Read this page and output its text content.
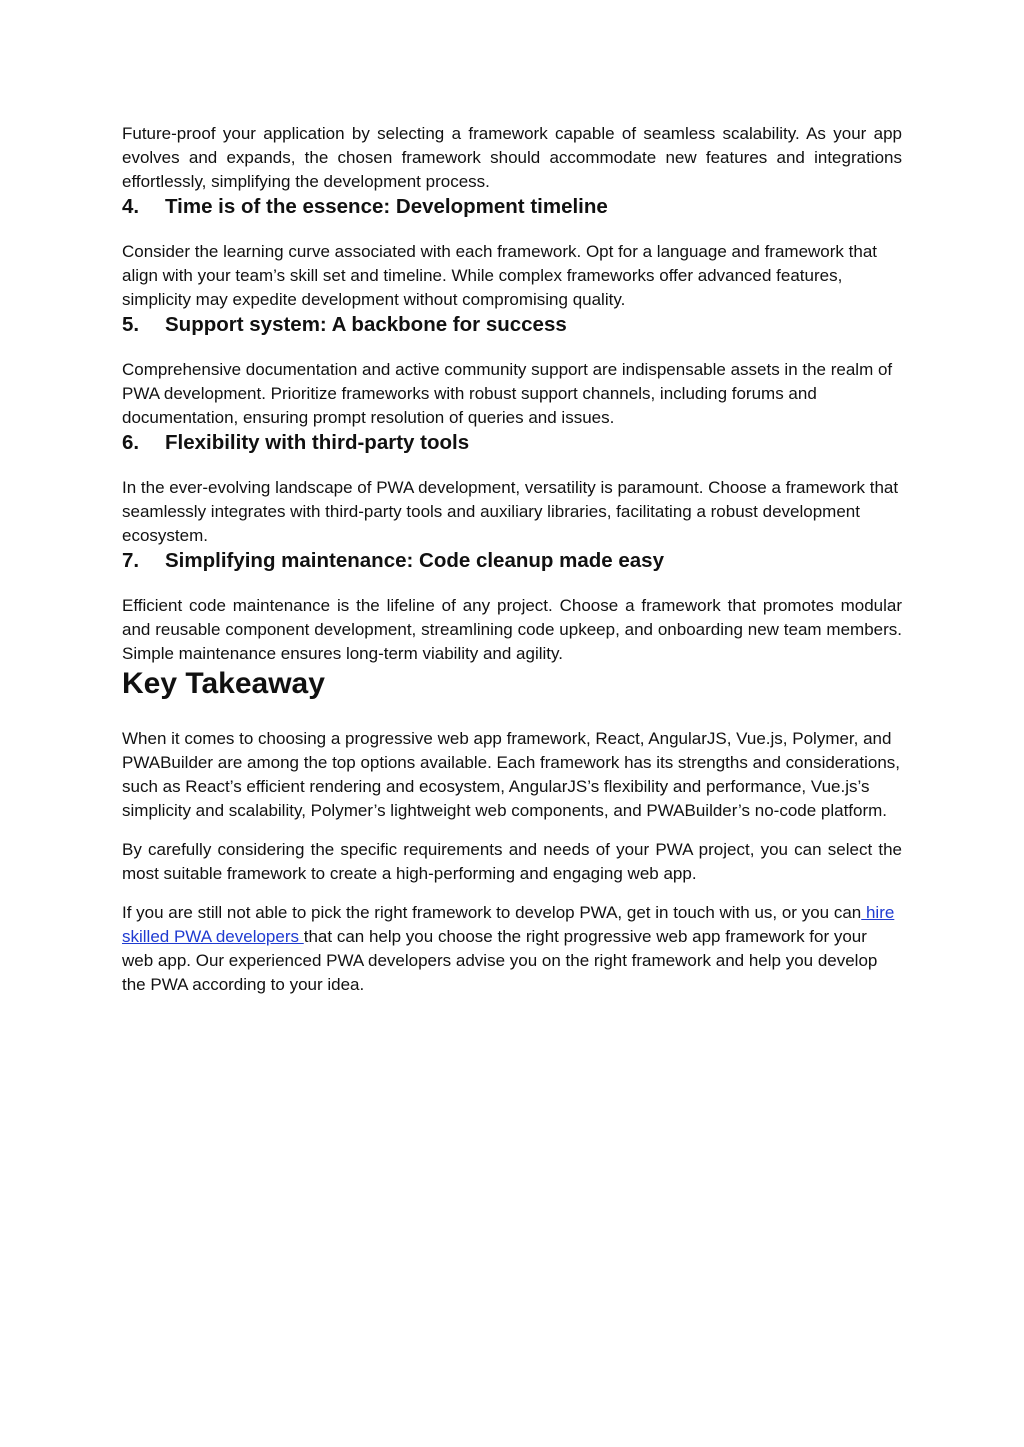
Future-proof your application by selecting a framework capable of seamless scalability. As your app evolves and expands, the chosen framework should accommodate new features and integrations effortlessly, simplifying the development process.

4.	Time is of the essence: Development timeline

Consider the learning curve associated with each framework. Opt for a language and framework that align with your team’s skill set and timeline. While complex frameworks offer advanced features, simplicity may expedite development without compromising quality.

5.	Support system: A backbone for success

Comprehensive documentation and active community support are indispensable assets in the realm of PWA development. Prioritize frameworks with robust support channels, including forums and documentation, ensuring prompt resolution of queries and issues.

6.	Flexibility with third-party tools

In the ever-evolving landscape of PWA development, versatility is paramount. Choose a framework that seamlessly integrates with third-party tools and auxiliary libraries, facilitating a robust development ecosystem.

7.	Simplifying maintenance: Code cleanup made easy

Efficient code maintenance is the lifeline of any project. Choose a framework that promotes modular and reusable component development, streamlining code upkeep, and onboarding new team members. Simple maintenance ensures long-term viability and agility.

Key Takeaway

When it comes to choosing a progressive web app framework, React, AngularJS, Vue.js, Polymer, and PWABuilder are among the top options available. Each framework has its strengths and considerations, such as React’s efficient rendering and ecosystem, AngularJS’s flexibility and performance, Vue.js’s simplicity and scalability, Polymer’s lightweight web components, and PWABuilder’s no-code platform.

By carefully considering the specific requirements and needs of your PWA project, you can select the most suitable framework to create a high-performing and engaging web app.

If you are still not able to pick the right framework to develop PWA, get in touch with us, or you can hire skilled PWA developers that can help you choose the right progressive web app framework for your web app. Our experienced PWA developers advise you on the right framework and help you develop the PWA according to your idea.
